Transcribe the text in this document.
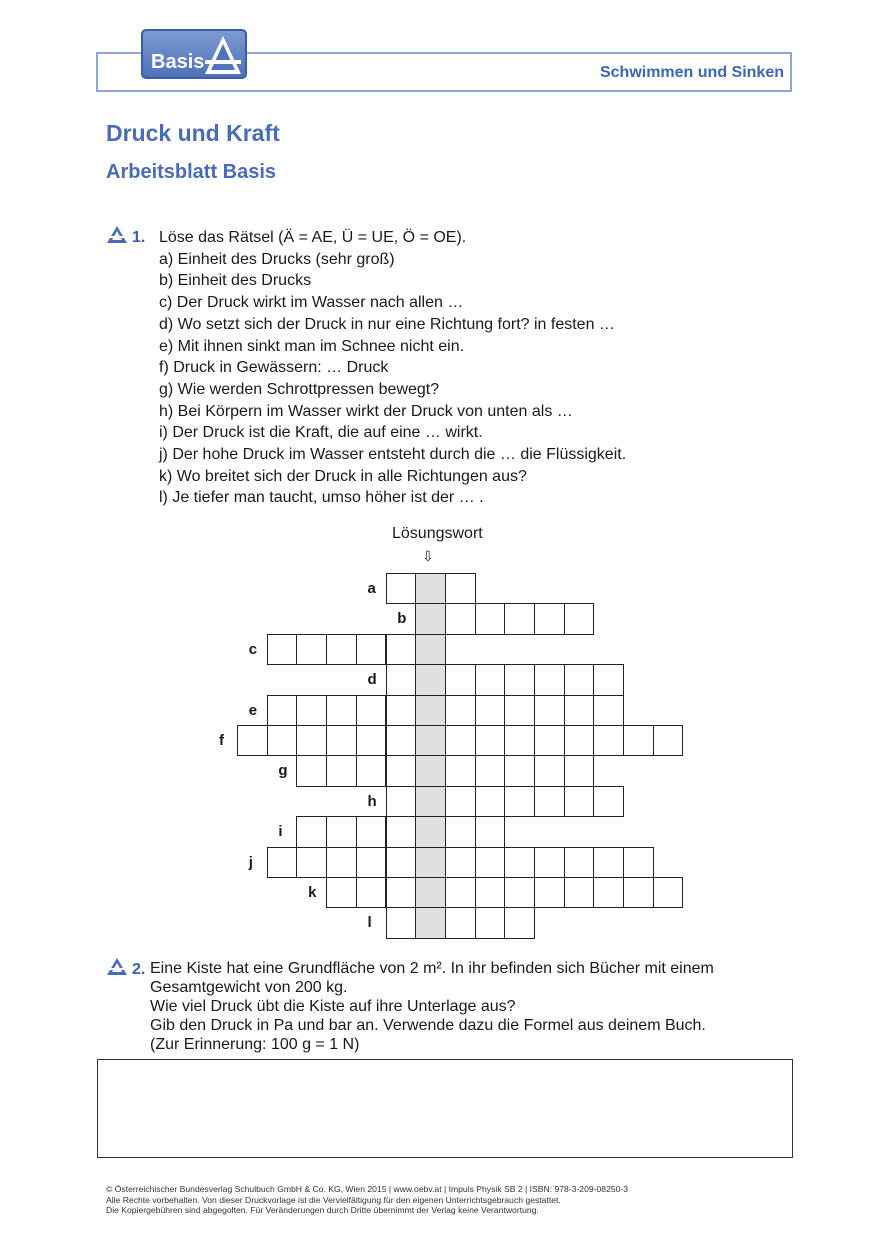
Basis	Schwimmen und Sinken
Druck und Kraft
Arbeitsblatt Basis
1. Löse das Rätsel (Ä = AE, Ü = UE, Ö = OE).
a) Einheit des Drucks (sehr groß)
b) Einheit des Drucks
c) Der Druck wirkt im Wasser nach allen …
d) Wo setzt sich der Druck in nur eine Richtung fort? in festen …
e) Mit ihnen sinkt man im Schnee nicht ein.
f) Druck in Gewässern: … Druck
g) Wie werden Schrottpressen bewegt?
h) Bei Körpern im Wasser wirkt der Druck von unten als …
i) Der Druck ist die Kraft, die auf eine … wirkt.
j) Der hohe Druck im Wasser entsteht durch die … die Flüssigkeit.
k) Wo breitet sich der Druck in alle Richtungen aus?
l) Je tiefer man taucht, umso höher ist der … .
Lösungswort
⇩
a
b
c
d
e
f
g
h
i
j
k
l
2. Eine Kiste hat eine Grundfläche von 2 m². In ihr befinden sich Bücher mit einem
Gesamtgewicht von 200 kg.
Wie viel Druck übt die Kiste auf ihre Unterlage aus?
Gib den Druck in Pa und bar an. Verwende dazu die Formel aus deinem Buch.
(Zur Erinnerung: 100 g = 1 N)
© Österreichischer Bundesverlag Schulbuch GmbH & Co. KG, Wien 2015 | www.oebv.at | Impuls Physik SB 2 | ISBN: 978-3-209-08250-3
Alle Rechte vorbehalten. Von dieser Druckvorlage ist die Vervielfältigung für den eigenen Unterrichtsgebrauch gestattet.
Die Kopiergebühren sind abgegolten. Für Veränderungen durch Dritte übernimmt der Verlag keine Verantwortung.
